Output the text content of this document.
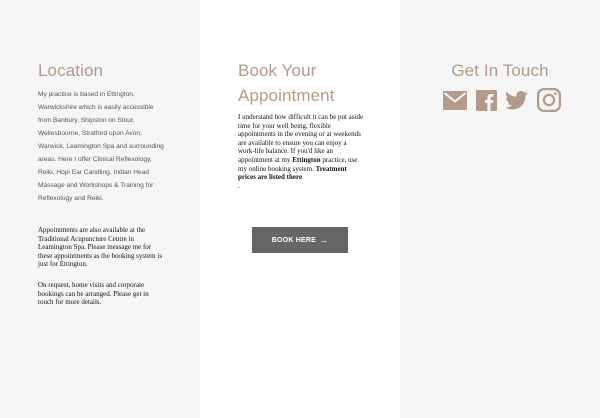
Location
My practice is based in Ettington, Warwickshire which is easily accessible from Banbury, Shipston on Stour, Wellesbourne, Stratford upon Avon, Warwick, Leamington Spa and surrounding areas. Here I offer Clinical Reflexology, Reiki, Hopi Ear Candling, Indian Head Massage and Workshops & Training for Reflexology and Reiki.
Appointments are also available at the Traditional Acupuncture Centre in Leamington Spa. Please message me for these appointments as the booking system is just for Ettington.
On request, home visits and corporate bookings can be arranged. Please get in touch for more details.
Book Your Appointment
I understand how difficult it can be put aside time for your well being, flexible appointments in the evening or at weekends are available to ensure you can enjoy a work-life balance. If you'd like an appointment at my Ettington practice, use my online booking system. Treatment prices are listed there
.
BOOK HERE →
Get In Touch
